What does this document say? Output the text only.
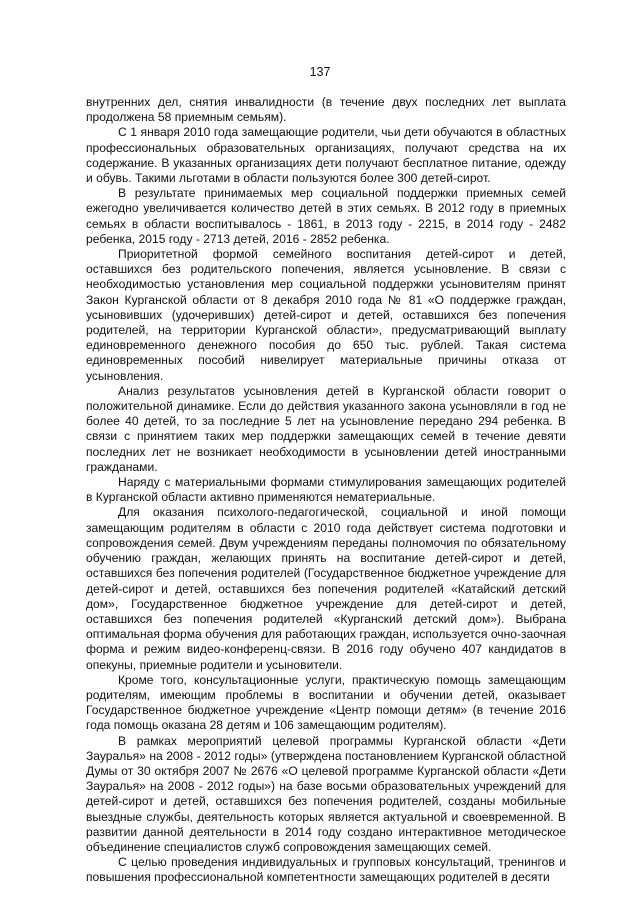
137

внутренних дел, снятия инвалидности (в течение двух последних лет выплата продолжена 58 приемным семьям).

С 1 января 2010 года замещающие родители, чьи дети обучаются в областных профессиональных образовательных организациях, получают средства на их содержание. В указанных организациях дети получают бесплатное питание, одежду и обувь. Такими льготами в области пользуются более 300 детей-сирот.

В результате принимаемых мер социальной поддержки приемных семей ежегодно увеличивается количество детей в этих семьях. В 2012 году в приемных семьях в области воспитывалось - 1861, в 2013 году - 2215, в 2014 году - 2482 ребенка, 2015 году - 2713 детей, 2016 - 2852 ребенка.

Приоритетной формой семейного воспитания детей-сирот и детей, оставшихся без родительского попечения, является усыновление. В связи с необходимостью установления мер социальной поддержки усыновителям принят Закон Курганской области от 8 декабря 2010 года № 81 «О поддержке граждан, усыновивших (удочеривших) детей-сирот и детей, оставшихся без попечения родителей, на территории Курганской области», предусматривающий выплату единовременного денежного пособия до 650 тыс. рублей. Такая система единовременных пособий нивелирует материальные причины отказа от усыновления.

Анализ результатов усыновления детей в Курганской области говорит о положительной динамике. Если до действия указанного закона усыновляли в год не более 40 детей, то за последние 5 лет на усыновление передано 294 ребенка. В связи с принятием таких мер поддержки замещающих семей в течение девяти последних лет не возникает необходимости в усыновлении детей иностранными гражданами.

Наряду с материальными формами стимулирования замещающих родителей в Курганской области активно применяются нематериальные.

Для оказания психолого-педагогической, социальной и иной помощи замещающим родителям в области с 2010 года действует система подготовки и сопровождения семей. Двум учреждениям переданы полномочия по обязательному обучению граждан, желающих принять на воспитание детей-сирот и детей, оставшихся без попечения родителей (Государственное бюджетное учреждение для детей-сирот и детей, оставшихся без попечения родителей «Катайский детский дом», Государственное бюджетное учреждение для детей-сирот и детей, оставшихся без попечения родителей «Курганский детский дом»). Выбрана оптимальная форма обучения для работающих граждан, используется очно-заочная форма и режим видео-конференц-связи. В 2016 году обучено 407 кандидатов в опекуны, приемные родители и усыновители.

Кроме того, консультационные услуги, практическую помощь замещающим родителям, имеющим проблемы в воспитании и обучении детей, оказывает Государственное бюджетное учреждение «Центр помощи детям» (в течение 2016 года помощь оказана 28 детям и 106 замещающим родителям).

В рамках мероприятий целевой программы Курганской области «Дети Зауралья» на 2008 - 2012 годы» (утверждена постановлением Курганской областной Думы от 30 октября 2007 № 2676 «О целевой программе Курганской области «Дети Зауралья» на 2008 - 2012 годы») на базе восьми образовательных учреждений для детей-сирот и детей, оставшихся без попечения родителей, созданы мобильные выездные службы, деятельность которых является актуальной и своевременной. В развитии данной деятельности в 2014 году создано интерактивное методическое объединение специалистов служб сопровождения замещающих семей.

С целью проведения индивидуальных и групповых консультаций, тренингов и повышения профессиональной компетентности замещающих родителей в десяти
